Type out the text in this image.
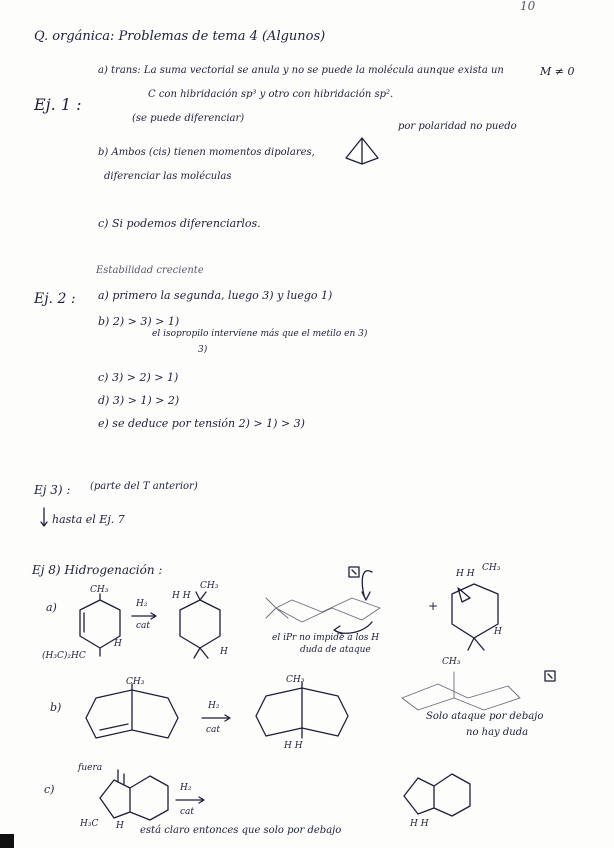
10
Q. orgánica: Problemas de tema 4 (Algunos)
Ej. 1 :
a) trans: La suma vectorial se anula y no se puede la molécula aunque exista un
C con hibridación sp³ y otro con hibridación sp².
(se puede diferenciar)
M ≠ 0
b) Ambos (cis) tienen momentos dipolares,
por polaridad no puedo
diferenciar las moléculas
c) Si podemos diferenciarlos.
Estabilidad creciente
Ej. 2 : a) primero la segunda, luego 3) y luego 1)
b) 2) > 3) > 1)
el isopropilo interviene más que el metilo en 3)
3)
c) 3) > 2) > 1)
d) 3) > 1) > 2)
e) se deduce por tensión 2) > 1) > 3)
Ej 3) : (parte del T anterior)
hasta el Ej. 7
Ej 8) Hidrogenación :
a)
CH₃
(H₃C)₂HC
H
H₂
cat
H H
CH₃
H
el iPr no impide a los H
duda de ataque
+
H H
CH₃
H
b)
CH₃
H₂
cat
CH₃
H H
CH₃
Solo ataque por debajo
no hay duda
c)
fuera
H₃C H
H₂
cat
H H
está claro entonces que solo por debajo
